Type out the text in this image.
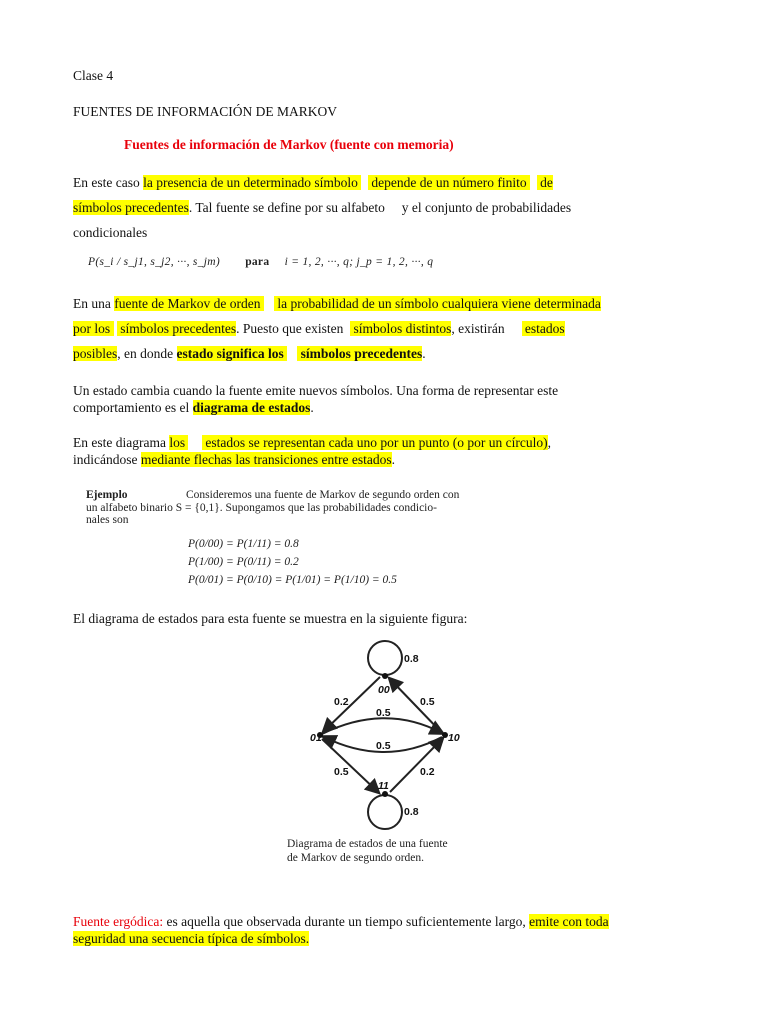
Clase 4
FUENTES DE INFORMACIÓN DE MARKOV
Fuentes de información de Markov (fuente con memoria)
En este caso la presencia de un determinado símbolo    depende de un número finito    de
símbolos precedentes. Tal fuente se define por su alfabeto     y el conjunto de probabilidades
condicionales
P(s_i / s_j1, s_j2, ···, s_jm) para i = 1, 2, ···, q; j_p = 1, 2, ···, q
En una fuente de Markov de orden     la probabilidad de un símbolo cualquiera viene determinada
por los   símbolos precedentes. Puesto que existen   símbolos distintos, existirán      estados
posibles, en donde estado significa los     símbolos precedentes.
Un estado cambia cuando la fuente emite nuevos símbolos. Una forma de representar este
comportamiento es el diagrama de estados.
En este diagrama los      estados se representan cada uno por un punto (o por un círculo),
indicándose mediante flechas las transiciones entre estados.
Ejemplo	Consideremos una fuente de Markov de segundo orden con
un alfabeto binario S = {0,1}. Supongamos que las probabilidades condicio-
nales son
P(0/00) = P(1/11) = 0.8
P(1/00) = P(0/11) = 0.2
P(0/01) = P(0/10) = P(1/01) = P(1/10) = 0.5
El diagrama de estados para esta fuente se muestra en la siguiente figura:
00
01	10
11
0.8
0.2	0.5
0.5
0.5
0.5	0.2
0.8
Diagrama de estados de una fuente
de Markov de segundo orden.
Fuente ergódica: es aquella que observada durante un tiempo suficientemente largo, emite con toda
seguridad una secuencia típica de símbolos.
